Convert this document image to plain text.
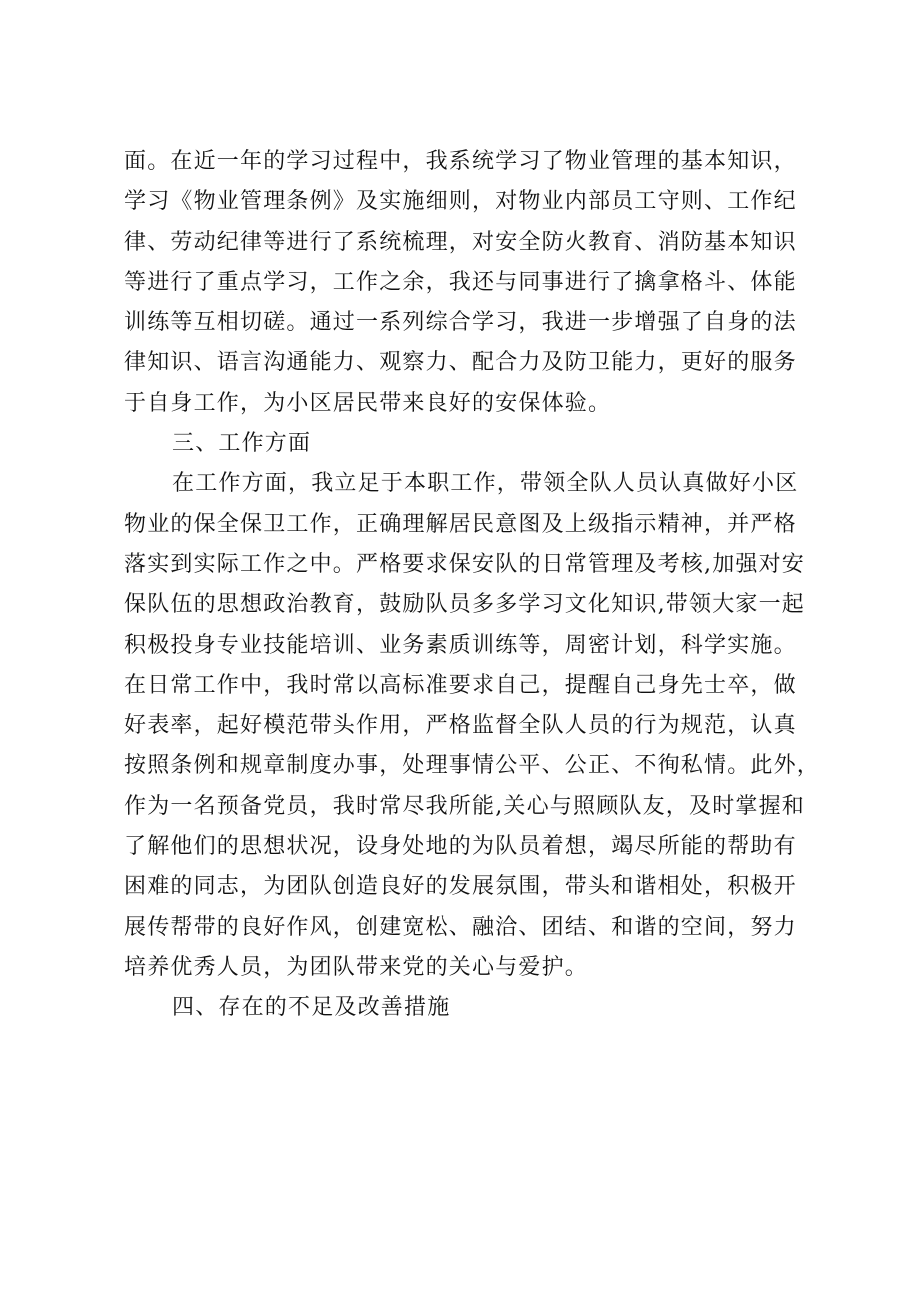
面。在近一年的学习过程中，我系统学习了物业管理的基本知识，
学习《物业管理条例》及实施细则，对物业内部员工守则、工作纪
律、劳动纪律等进行了系统梳理，对安全防火教育、消防基本知识
等进行了重点学习，工作之余，我还与同事进行了擒拿格斗、体能
训练等互相切磋。通过一系列综合学习，我进一步增强了自身的法
律知识、语言沟通能力、观察力、配合力及防卫能力，更好的服务
于自身工作，为小区居民带来良好的安保体验。
三、工作方面
在工作方面，我立足于本职工作，带领全队人员认真做好小区
物业的保全保卫工作，正确理解居民意图及上级指示精神，并严格
落实到实际工作之中。严格要求保安队的日常管理及考核,加强对安
保队伍的思想政治教育，鼓励队员多多学习文化知识,带领大家一起
积极投身专业技能培训、业务素质训练等，周密计划，科学实施。
在日常工作中，我时常以高标准要求自己，提醒自己身先士卒，做
好表率，起好模范带头作用，严格监督全队人员的行为规范，认真
按照条例和规章制度办事，处理事情公平、公正、不徇私情。此外，
作为一名预备党员，我时常尽我所能,关心与照顾队友，及时掌握和
了解他们的思想状况，设身处地的为队员着想，竭尽所能的帮助有
困难的同志，为团队创造良好的发展氛围，带头和谐相处，积极开
展传帮带的良好作风，创建宽松、融洽、团结、和谐的空间，努力
培养优秀人员，为团队带来党的关心与爱护。
四、存在的不足及改善措施
